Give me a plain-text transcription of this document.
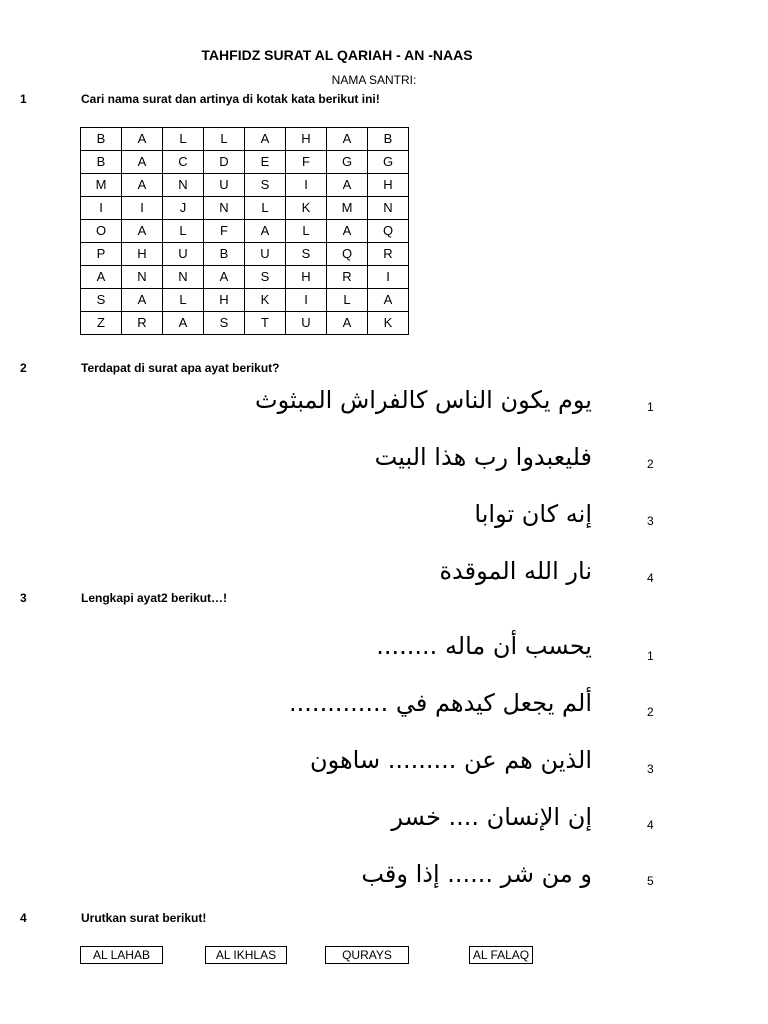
TAHFIDZ SURAT AL QARIAH - AN -NAAS
NAMA SANTRI:
1	Cari nama surat dan artinya di kotak kata berikut ini!
B	A	L	L	A	H	A	B
B	A	C	D	E	F	G	G
M	A	N	U	S	I	A	H
I	I	J	N	L	K	M	N
O	A	L	F	A	L	A	Q
P	H	U	B	U	S	Q	R
A	N	N	A	S	H	R	I
S	A	L	H	K	I	L	A
Z	R	A	S	T	U	A	K
2	Terdapat di surat apa ayat berikut?
1
يوم يكون الناس كالفراش المبثوث
2
فليعبدوا رب هذا البيت
3
إنه كان توابا
4
نار الله الموقدة
3	Lengkapi ayat2 berikut…!
1
يحسب أن ماله ........
2
ألم يجعل كيدهم في .............
3
الذين هم عن ......... ساهون
4
إن الإنسان .... خسر
5
و من شر ...... إذا وقب
4	Urutkan surat berikut!
AL LAHAB	AL IKHLAS	QURAYS	AL FALAQ
